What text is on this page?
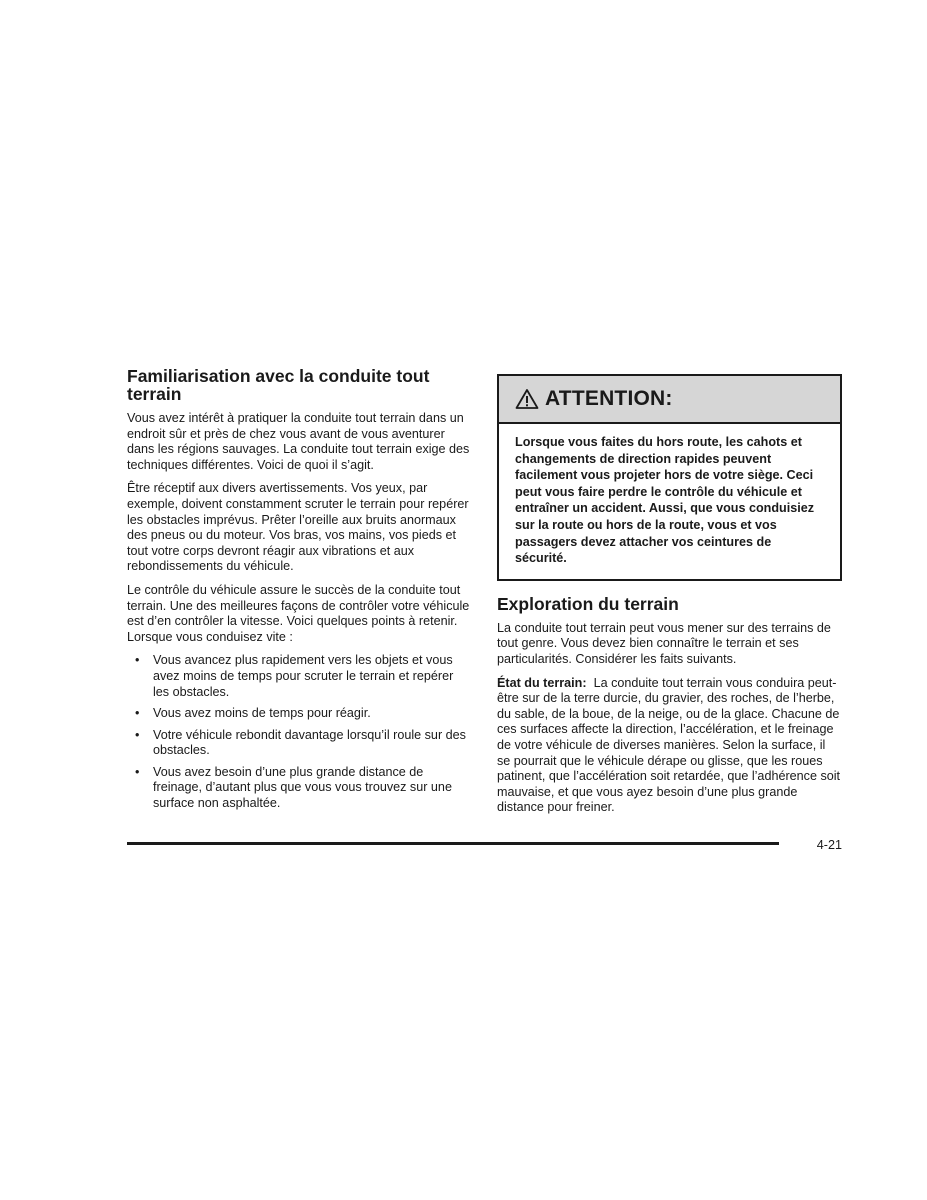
Familiarisation avec la conduite tout terrain

Vous avez intérêt à pratiquer la conduite tout terrain dans un endroit sûr et près de chez vous avant de vous aventurer dans les régions sauvages. La conduite tout terrain exige des techniques différentes. Voici de quoi il s’agit.

Être réceptif aux divers avertissements. Vos yeux, par exemple, doivent constamment scruter le terrain pour repérer les obstacles imprévus. Prêter l’oreille aux bruits anormaux des pneus ou du moteur. Vos bras, vos mains, vos pieds et tout votre corps devront réagir aux vibrations et aux rebondissements du véhicule.

Le contrôle du véhicule assure le succès de la conduite tout terrain. Une des meilleures façons de contrôler votre véhicule est d’en contrôler la vitesse. Voici quelques points à retenir. Lorsque vous conduisez vite :

• Vous avancez plus rapidement vers les objets et vous avez moins de temps pour scruter le terrain et repérer les obstacles.
• Vous avez moins de temps pour réagir.
• Votre véhicule rebondit davantage lorsqu’il roule sur des obstacles.
• Vous avez besoin d’une plus grande distance de freinage, d’autant plus que vous vous trouvez sur une surface non asphaltée.
ATTENTION:
Lorsque vous faites du hors route, les cahots et changements de direction rapides peuvent facilement vous projeter hors de votre siège. Ceci peut vous faire perdre le contrôle du véhicule et entraîner un accident. Aussi, que vous conduisiez sur la route ou hors de la route, vous et vos passagers devez attacher vos ceintures de sécurité.
Exploration du terrain

La conduite tout terrain peut vous mener sur des terrains de tout genre. Vous devez bien connaître le terrain et ses particularités. Considérer les faits suivants.

État du terrain:  La conduite tout terrain vous conduira peut-être sur de la terre durcie, du gravier, des roches, de l’herbe, du sable, de la boue, de la neige, ou de la glace. Chacune de ces surfaces affecte la direction, l’accélération, et le freinage de votre véhicule de diverses manières. Selon la surface, il se pourrait que le véhicule dérape ou glisse, que les roues patinent, que l’accélération soit retardée, que l’adhérence soit mauvaise, et que vous ayez besoin d’une plus grande distance pour freiner.

4-21
